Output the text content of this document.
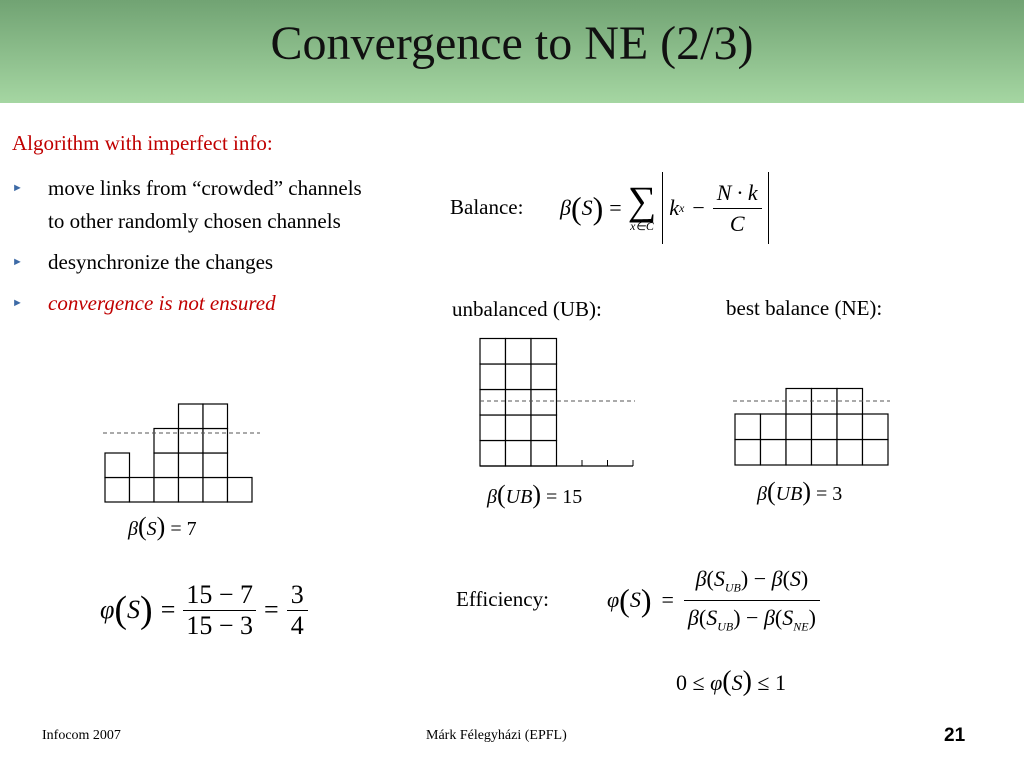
Convergence to NE (2/3)
Algorithm with imperfect info:
► move links from “crowded” channels to other randomly chosen channels
► desynchronize the changes
► convergence is not ensured
β(S) = 7
φ ( S ) =
15 − 7
15 − 3
=
3
4
Balance: β ( S ) = ∑
x∈C
k x −
N · k
C
unbalanced (UB):
β(UB) = 15
best balance (NE):
β(UB) = 3
Efficiency:	φ ( S ) =
$\beta(S_{UB}) - \beta(S)$
$\beta(S_{UB}) - \beta(S_{NE})$
0 ≤ φ(S) ≤ 1
Infocom 2007	Márk Félegyházi (EPFL)	21
